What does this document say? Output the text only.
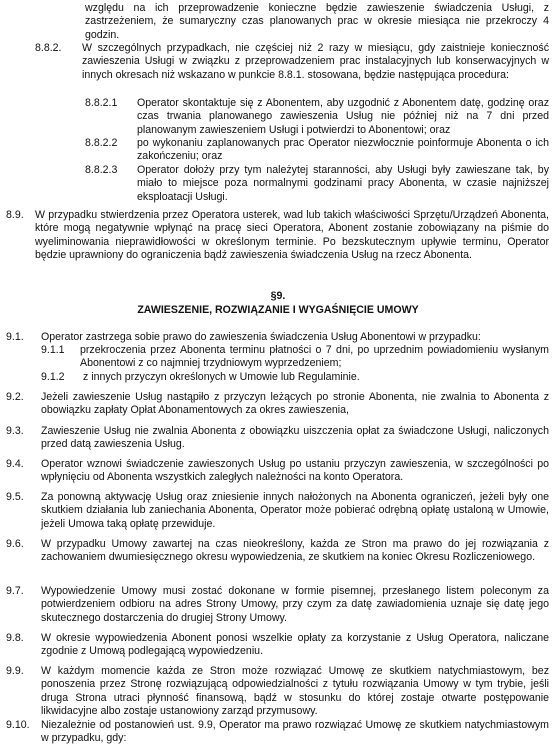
względu na ich przeprowadzenie konieczne będzie zawieszenie świadczenia Usługi, z zastrzeżeniem, że sumaryczny czas planowanych prac w okresie miesiąca nie przekroczy 4 godzin.
8.8.2. W szczególnych przypadkach, nie częściej niż 2 razy w miesiącu, gdy zaistnieje konieczność zawieszenia Usługi w związku z przeprowadzeniem prac instalacyjnych lub konserwacyjnych w innych okresach niż wskazano w punkcie 8.8.1. stosowana, będzie następująca procedura:
8.8.2.1 Operator skontaktuje się z Abonentem, aby uzgodnić z Abonentem datę, godzinę oraz czas trwania planowanego zawieszenia Usług nie później niż na 7 dni przed planowanym zawieszeniem Usługi i potwierdzi to Abonentowi; oraz
8.8.2.2 po wykonaniu zaplanowanych prac Operator niezwłocznie poinformuje Abonenta o ich zakończeniu; oraz
8.8.2.3 Operator dołoży przy tym należytej staranności, aby Usługi były zawieszane tak, by miało to miejsce poza normalnymi godzinami pracy Abonenta, w czasie najniższej eksploatacji Usługi.
8.9. W przypadku stwierdzenia przez Operatora usterek, wad lub takich właściwości Sprzętu/Urządzeń Abonenta, które mogą negatywnie wpłynąć na pracę sieci Operatora, Abonent zostanie zobowiązany na piśmie do wyeliminowania nieprawidłowości w określonym terminie. Po bezskutecznym upływie terminu, Operator będzie uprawniony do ograniczenia bądź zawieszenia świadczenia Usług na rzecz Abonenta.
§9.
ZAWIESZENIE, ROZWIĄZANIE I WYGAŚNIĘCIE UMOWY
9.1. Operator zastrzega sobie prawo do zawieszenia świadczenia Usług Abonentowi w przypadku:
9.1.1 przekroczenia przez Abonenta terminu płatności o 7 dni, po uprzednim powiadomieniu wysłanym Abonentowi z co najmniej trzydniowym wyprzedzeniem;
9.1.2 z innych przyczyn określonych w Umowie lub Regulaminie.
9.2. Jeżeli zawieszenie Usług nastąpiło z przyczyn leżących po stronie Abonenta, nie zwalnia to Abonenta z obowiązku zapłaty Opłat Abonamentowych za okres zawieszenia,
9.3. Zawieszenie Usług nie zwalnia Abonenta z obowiązku uiszczenia opłat za świadczone Usługi, naliczonych przed datą zawieszenia Usług.
9.4. Operator wznowi świadczenie zawieszonych Usług po ustaniu przyczyn zawieszenia, w szczególności po wpłynięciu od Abonenta wszystkich zaległych należności na konto Operatora.
9.5. Za ponowną aktywację Usług oraz zniesienie innych nałożonych na Abonenta ograniczeń, jeżeli były one skutkiem działania lub zaniechania Abonenta, Operator może pobierać odrębną opłatę ustaloną w Umowie, jeżeli Umowa taką opłatę przewiduje.
9.6. W przypadku Umowy zawartej na czas nieokreślony, każda ze Stron ma prawo do jej rozwiązania z zachowaniem dwumiesięcznego okresu wypowiedzenia, ze skutkiem na koniec Okresu Rozliczeniowego.
9.7. Wypowiedzenie Umowy musi zostać dokonane w formie pisemnej, przesłanego listem poleconym za potwierdzeniem odbioru na adres Strony Umowy, przy czym za datę zawiadomienia uznaje się datę jego skutecznego dostarczenia do drugiej Strony Umowy.
9.8. W okresie wypowiedzenia Abonent ponosi wszelkie opłaty za korzystanie z Usług Operatora, naliczane zgodnie z Umową podlegającą wypowiedzeniu.
9.9. W każdym momencie każda ze Stron może rozwiązać Umowę ze skutkiem natychmiastowym, bez ponoszenia przez Stronę rozwiązującą odpowiedzialności z tytułu rozwiązania Umowy w tym trybie, jeśli druga Strona utraci płynność finansową, bądź w stosunku do której zostaje otwarte postępowanie likwidacyjne albo zostaje ustanowiony zarząd przymusowy.
9.10. Niezależnie od postanowień ust. 9.9, Operator ma prawo rozwiązać Umowę ze skutkiem natychmiastowym w przypadku, gdy:
